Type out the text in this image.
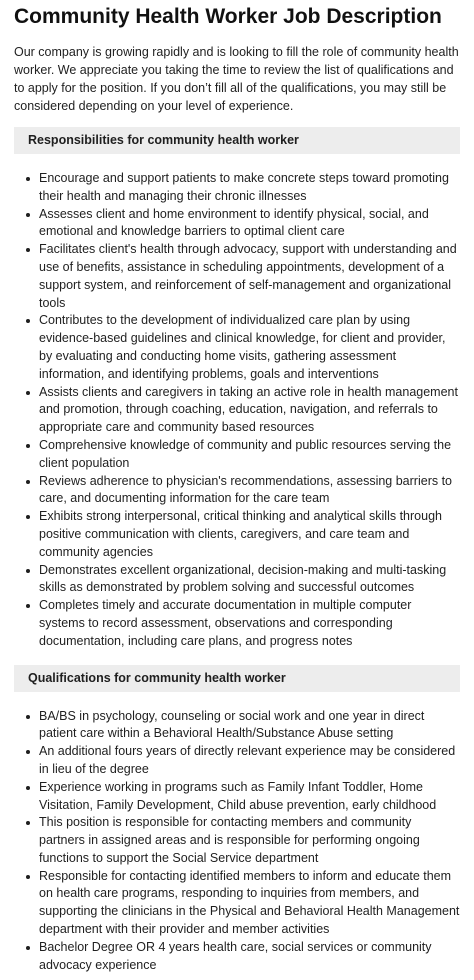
Community Health Worker Job Description

Our company is growing rapidly and is looking to fill the role of community health worker. We appreciate you taking the time to review the list of qualifications and to apply for the position. If you don’t fill all of the qualifications, you may still be considered depending on your level of experience.

Responsibilities for community health worker
Encourage and support patients to make concrete steps toward promoting their health and managing their chronic illnesses
Assesses client and home environment to identify physical, social, and emotional and knowledge barriers to optimal client care
Facilitates client's health through advocacy, support with understanding and use of benefits, assistance in scheduling appointments, development of a support system, and reinforcement of self-management and organizational tools
Contributes to the development of individualized care plan by using evidence-based guidelines and clinical knowledge, for client and provider, by evaluating and conducting home visits, gathering assessment information, and identifying problems, goals and interventions
Assists clients and caregivers in taking an active role in health management and promotion, through coaching, education, navigation, and referrals to appropriate care and community based resources
Comprehensive knowledge of community and public resources serving the client population
Reviews adherence to physician's recommendations, assessing barriers to care, and documenting information for the care team
Exhibits strong interpersonal, critical thinking and analytical skills through positive communication with clients, caregivers, and care team and community agencies
Demonstrates excellent organizational, decision-making and multi-tasking skills as demonstrated by problem solving and successful outcomes
Completes timely and accurate documentation in multiple computer systems to record assessment, observations and corresponding documentation, including care plans, and progress notes
Qualifications for community health worker
BA/BS in psychology, counseling or social work and one year in direct patient care within a Behavioral Health/Substance Abuse setting
An additional fours years of directly relevant experience may be considered in lieu of the degree
Experience working in programs such as Family Infant Toddler, Home Visitation, Family Development, Child abuse prevention, early childhood
This position is responsible for contacting members and community partners in assigned areas and is responsible for performing ongoing functions to support the Social Service department
Responsible for contacting identified members to inform and educate them on health care programs, responding to inquiries from members, and supporting the clinicians in the Physical and Behavioral Health Management department with their provider and member activities
Bachelor Degree OR 4 years health care, social services or community advocacy experience
